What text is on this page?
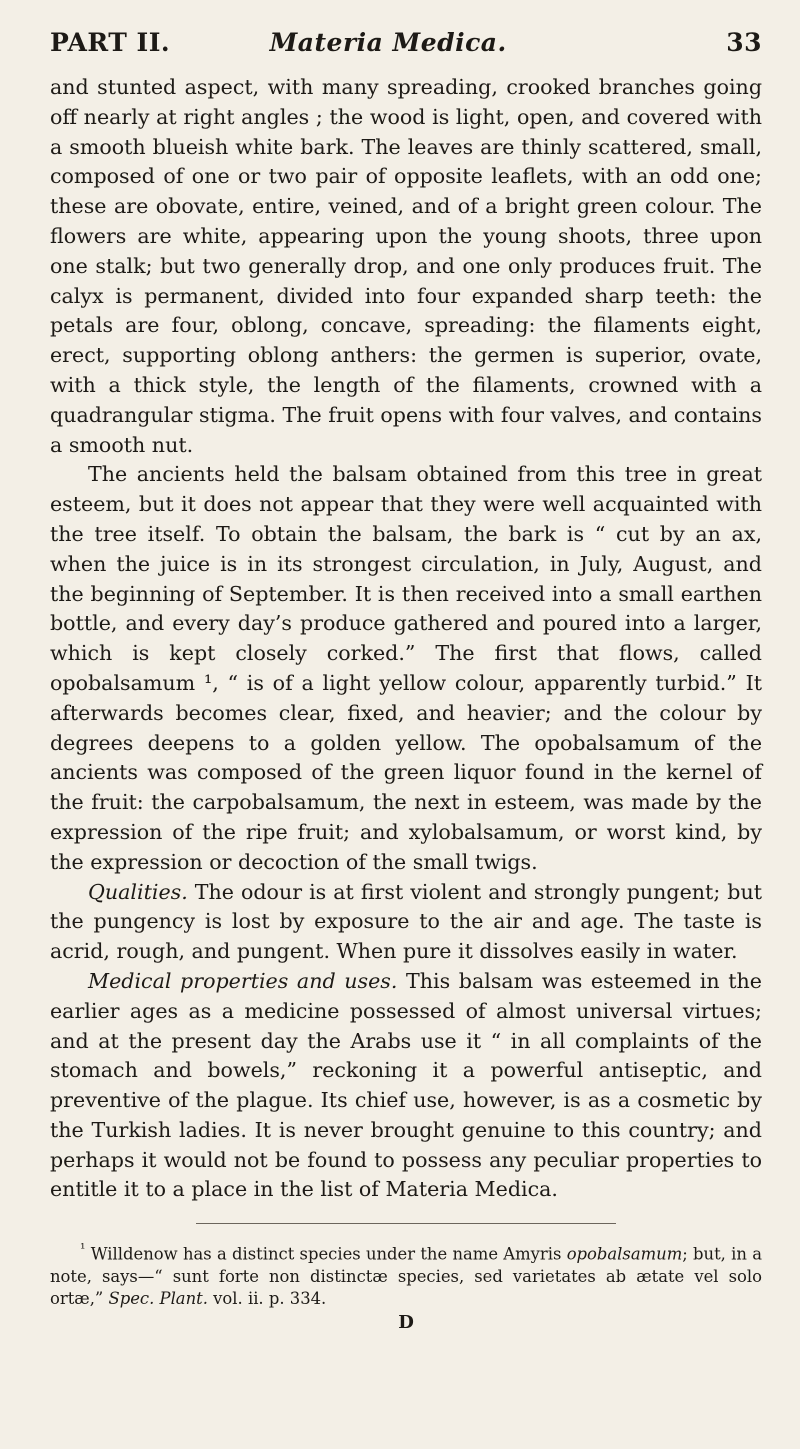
PART II.	Materia Medica.	33

and stunted aspect, with many spreading, crooked branches going off nearly at right angles ; the wood is light, open, and covered with a smooth blueish white bark. The leaves are thinly scattered, small, composed of one or two pair of opposite leaflets, with an odd one; these are obovate, entire, veined, and of a bright green colour. The flowers are white, appearing upon the young shoots, three upon one stalk; but two generally drop, and one only produces fruit. The calyx is permanent, divided into four expanded sharp teeth: the petals are four, oblong, concave, spreading: the filaments eight, erect, supporting oblong anthers: the germen is superior, ovate, with a thick style, the length of the filaments, crowned with a quadrangular stigma. The fruit opens with four valves, and contains a smooth nut.

The ancients held the balsam obtained from this tree in great esteem, but it does not appear that they were well acquainted with the tree itself. To obtain the balsam, the bark is “ cut by an ax, when the juice is in its strongest circulation, in July, August, and the beginning of September. It is then received into a small earthen bottle, and every day’s produce gathered and poured into a larger, which is kept closely corked.” The first that flows, called opobalsamum ¹, “ is of a light yellow colour, apparently turbid.” It afterwards becomes clear, fixed, and heavier; and the colour by degrees deepens to a golden yellow. The opobalsamum of the ancients was composed of the green liquor found in the kernel of the fruit: the carpobalsamum, the next in esteem, was made by the expression of the ripe fruit; and xylobalsamum, or worst kind, by the expression or decoction of the small twigs.

Qualities. The odour is at first violent and strongly pungent; but the pungency is lost by exposure to the air and age. The taste is acrid, rough, and pungent. When pure it dissolves easily in water.

Medical properties and uses. This balsam was esteemed in the earlier ages as a medicine possessed of almost universal virtues; and at the present day the Arabs use it “ in all complaints of the stomach and bowels,” reckoning it a powerful antiseptic, and preventive of the plague. Its chief use, however, is as a cosmetic by the Turkish ladies. It is never brought genuine to this country; and perhaps it would not be found to possess any peculiar properties to entitle it to a place in the list of Materia Medica.

$^{^1}$ Willdenow has a distinct species under the name Amyris opobalsamum; but, in a note, says—“ sunt forte non distinctæ species, sed varietates ab ætate vel solo ortæ,” Spec. Plant. vol. ii. p. 334.

D
